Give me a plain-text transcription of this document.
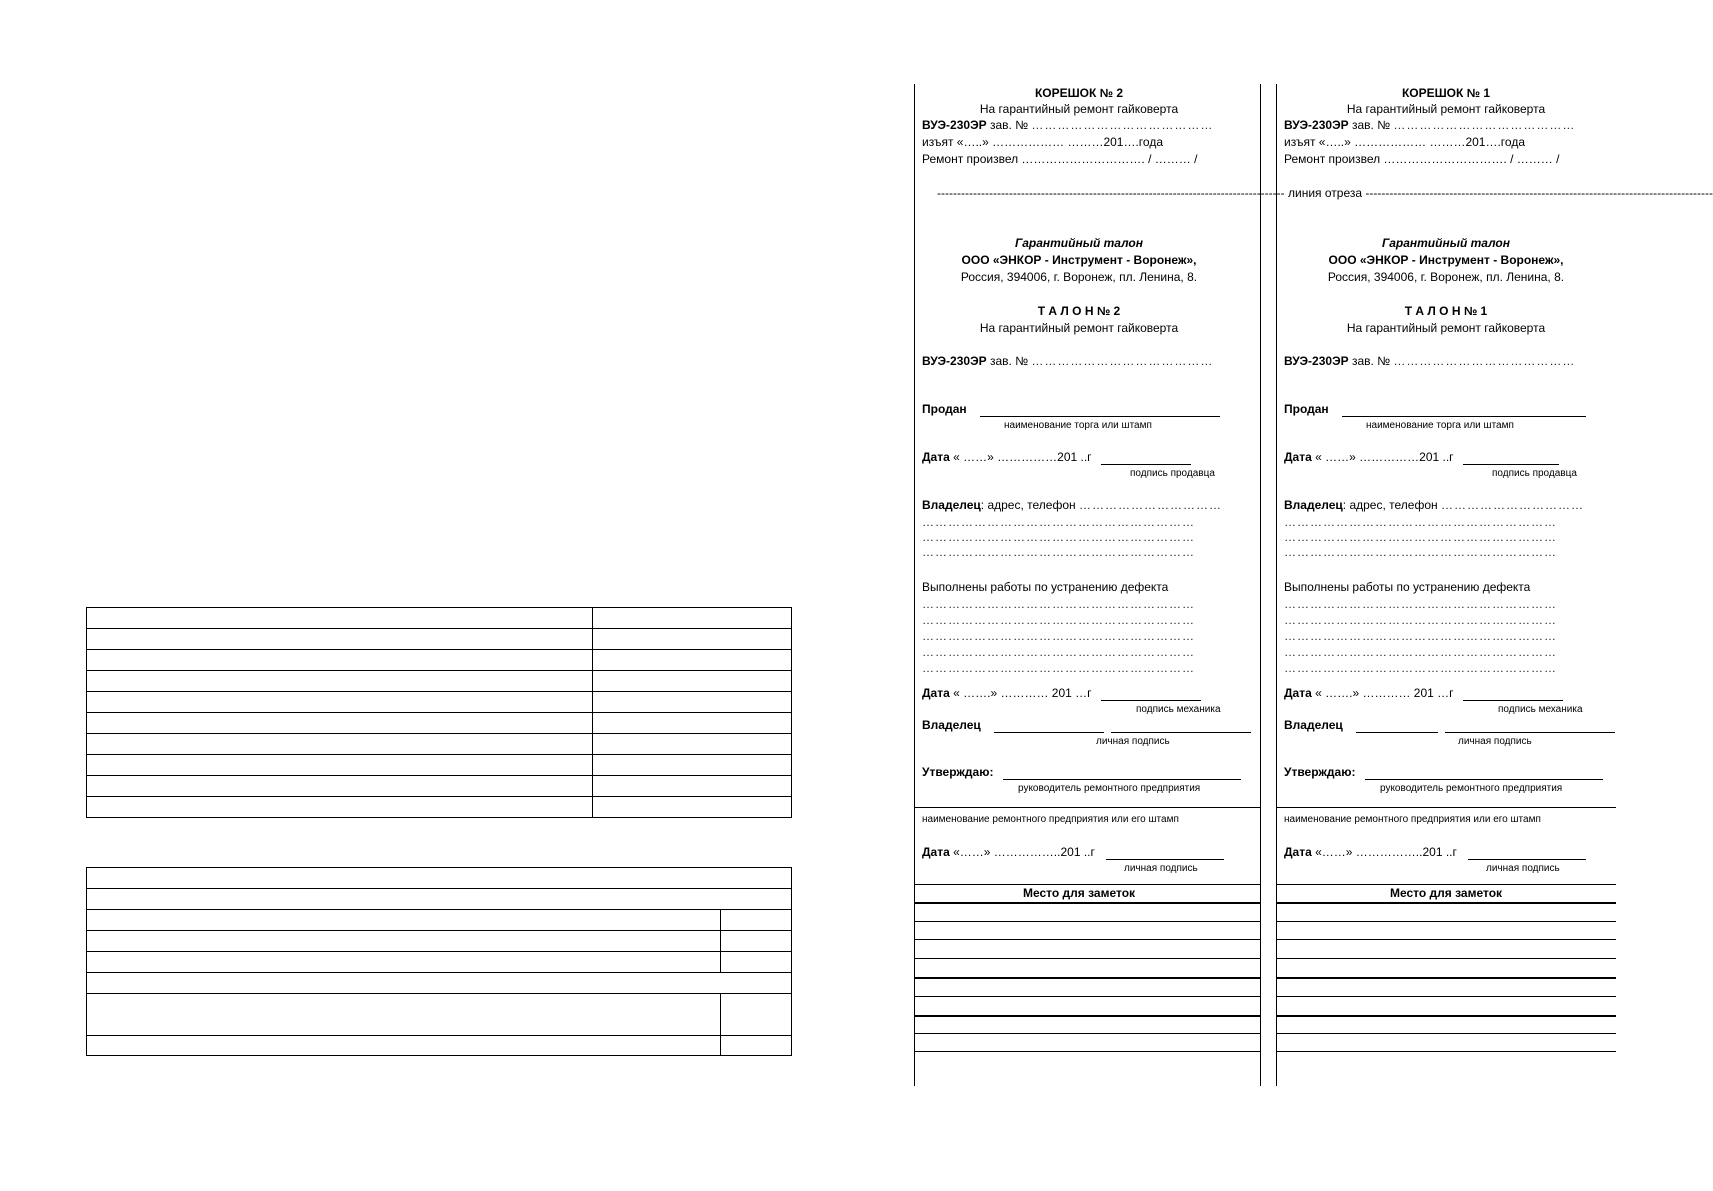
--------------------------------------------------------------------------------------- линия отреза ---------------------------------------------------------------------------------------
КОРЕШОК № 2
На гарантийный ремонт гайковерта
ВУЭ-230ЭР зав. № ……………………………………
изъят «…..» ……………… ………201….года
Ремонт произвел …………………………. / ……… /
Гарантийный талон
ООО «ЭНКОР - Инструмент - Воронеж»,
Россия, 394006, г. Воронеж, пл. Ленина, 8.
Т А Л О Н № 2
На гарантийный ремонт гайковерта
ВУЭ-230ЭР зав. № ……………………………………
Продан
наименование торга или штамп
Дата « ……» ……………201 ..г
подпись продавца
Владелец: адрес, телефон ……………………………
………………………………………………………
………………………………………………………
………………………………………………………
Выполнены работы по устранению дефекта
………………………………………………………
………………………………………………………
………………………………………………………
………………………………………………………
………………………………………………………
Дата « …….» ………… 201 …г
подпись механика
Владелец
личная подпись
Утверждаю:
руководитель ремонтного предприятия
наименование ремонтного предприятия или его штамп
Дата «……» ……………..201 ..г
личная подпись
Место для заметок
КОРЕШОК № 1
На гарантийный ремонт гайковерта
ВУЭ-230ЭР зав. № ……………………………………
изъят «…..» ……………… ………201….года
Ремонт произвел …………………………. / ……… /
Гарантийный талон
ООО «ЭНКОР - Инструмент - Воронеж»,
Россия, 394006, г. Воронеж, пл. Ленина, 8.
Т А Л О Н № 1
На гарантийный ремонт гайковерта
ВУЭ-230ЭР зав. № ……………………………………
Продан
наименование торга или штамп
Дата « ……» ……………201 ..г
подпись продавца
Владелец: адрес, телефон ……………………………
………………………………………………………
………………………………………………………
………………………………………………………
Выполнены работы по устранению дефекта
………………………………………………………
………………………………………………………
………………………………………………………
………………………………………………………
………………………………………………………
Дата « …….» ………… 201 …г
подпись механика
Владелец
личная подпись
Утверждаю:
руководитель ремонтного предприятия
наименование ремонтного предприятия или его штамп
Дата «……» ……………..201 ..г
личная подпись
Место для заметок
